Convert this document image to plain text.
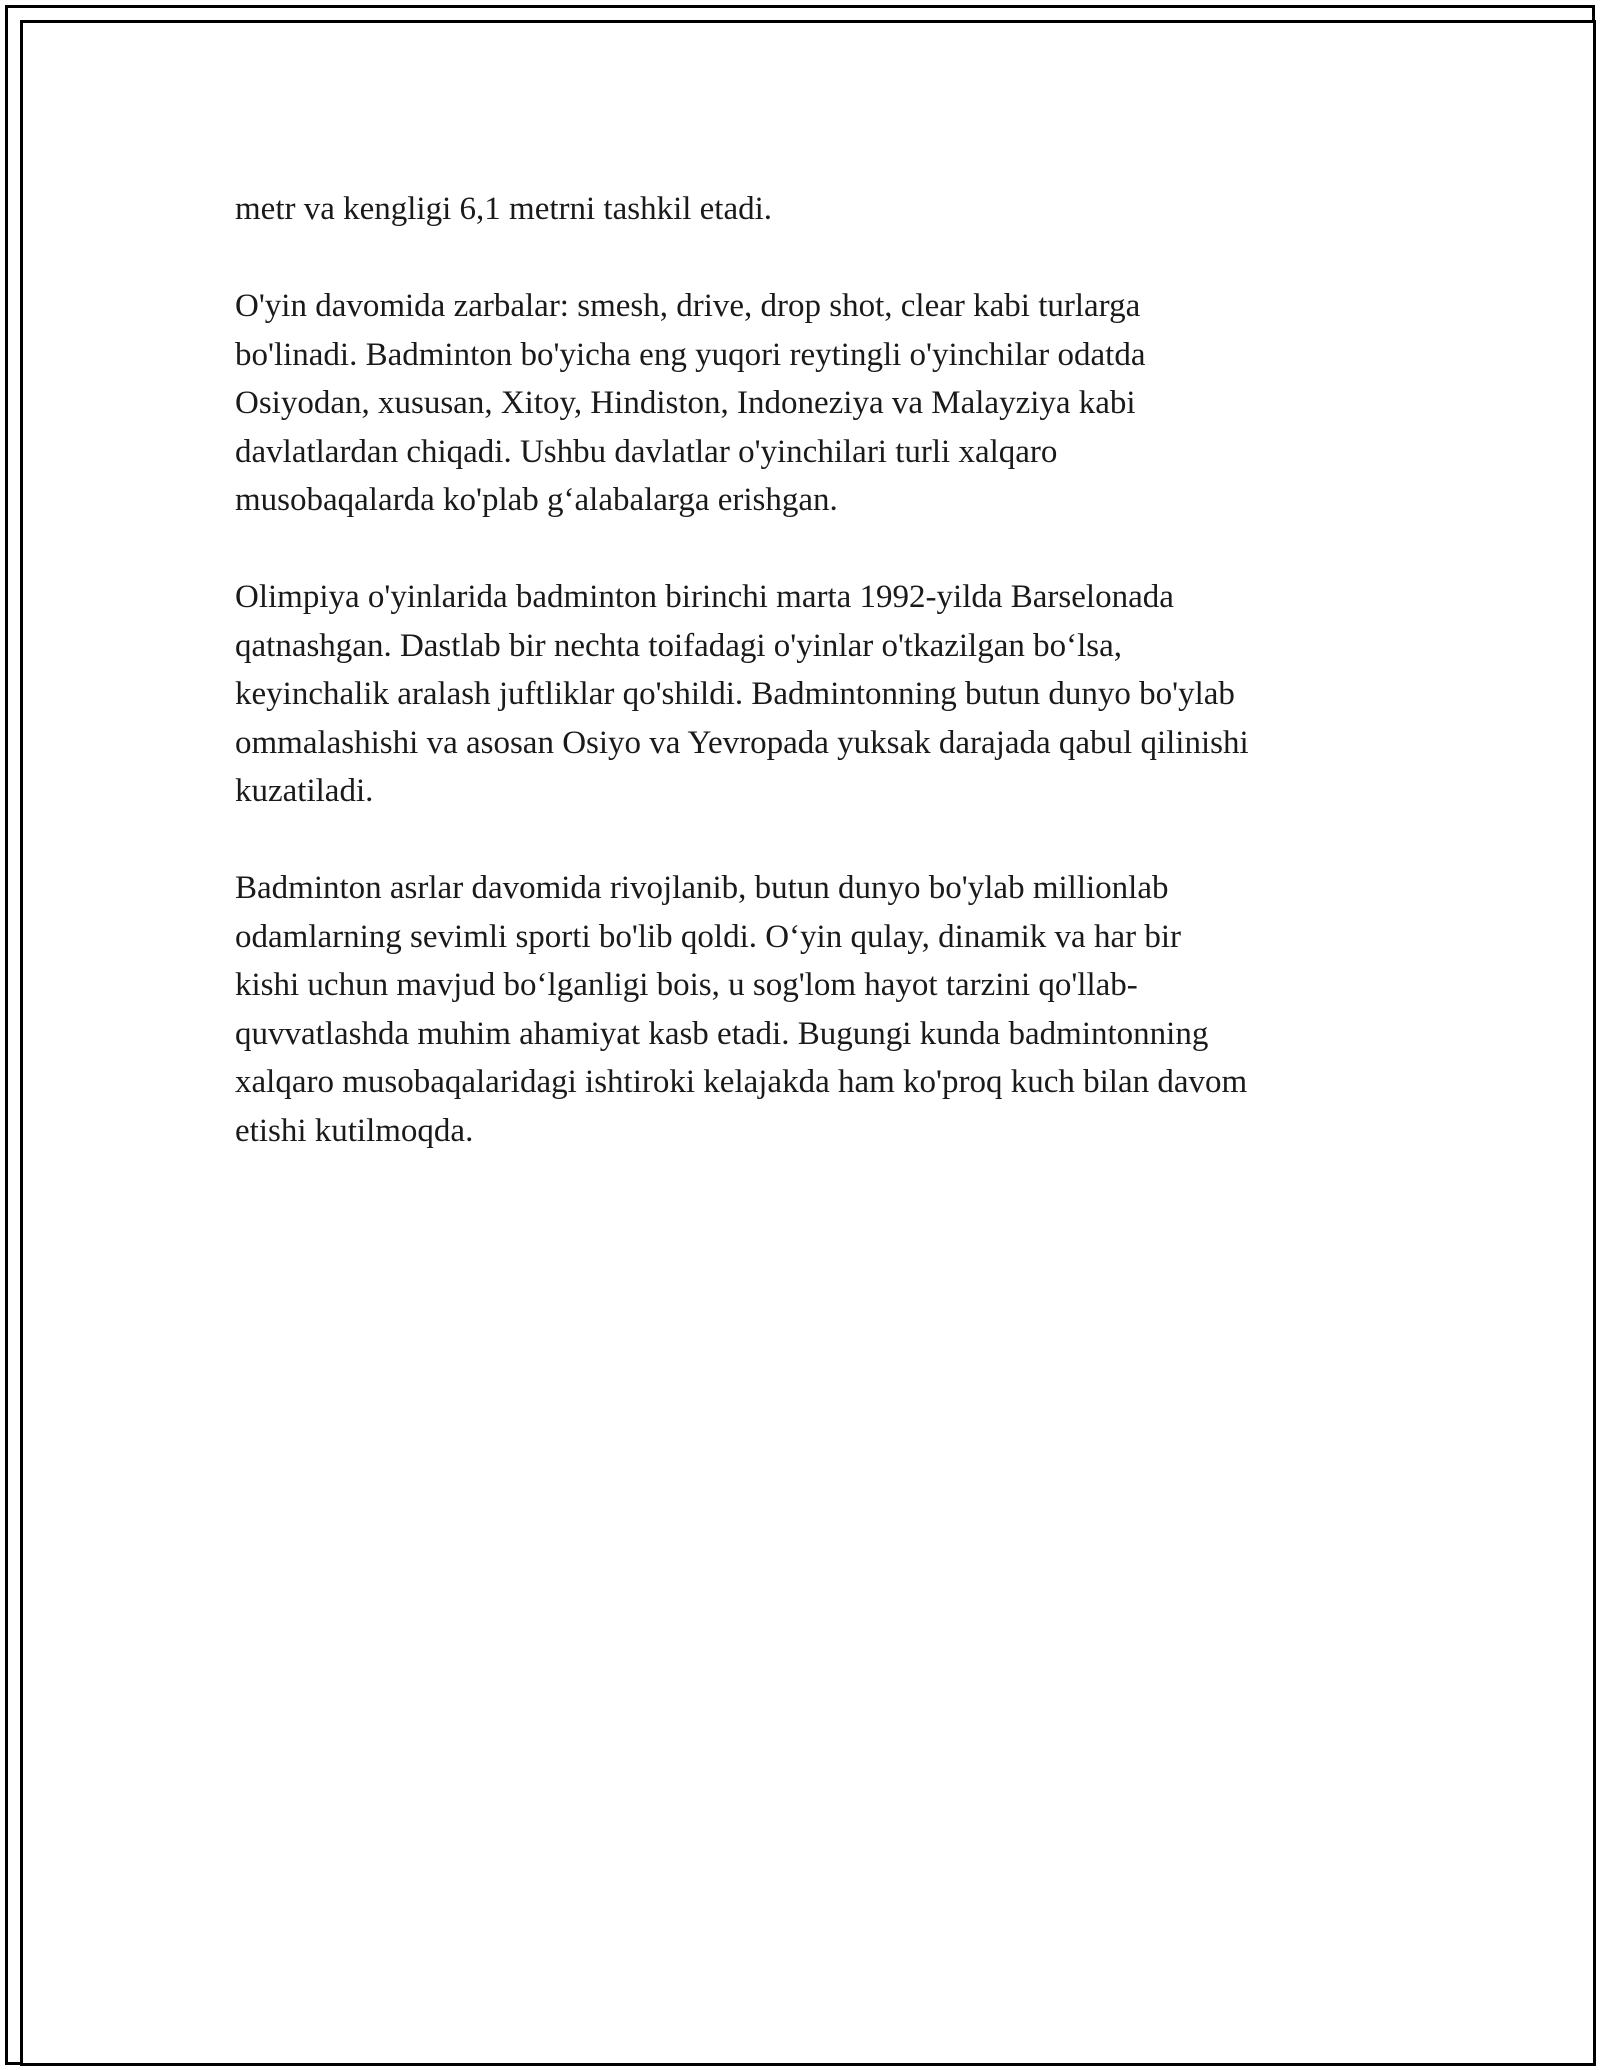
metr va kengligi 6,1 metrni tashkil etadi.

O'yin davomida zarbalar: smesh, drive, drop shot, clear kabi turlarga
bo'linadi. Badminton bo'yicha eng yuqori reytingli o'yinchilar odatda
Osiyodan, xususan, Xitoy, Hindiston, Indoneziya va Malayziya kabi
davlatlardan chiqadi. Ushbu davlatlar o'yinchilari turli xalqaro
musobaqalarda ko'plab g‘alabalarga erishgan.

Olimpiya o'yinlarida badminton birinchi marta 1992-yilda Barselonada
qatnashgan. Dastlab bir nechta toifadagi o'yinlar o'tkazilgan bo‘lsa,
keyinchalik aralash juftliklar qo'shildi. Badmintonning butun dunyo bo'ylab
ommalashishi va asosan Osiyo va Yevropada yuksak darajada qabul qilinishi
kuzatiladi.

Badminton asrlar davomida rivojlanib, butun dunyo bo'ylab millionlab
odamlarning sevimli sporti bo'lib qoldi. O‘yin qulay, dinamik va har bir
kishi uchun mavjud bo‘lganligi bois, u sog'lom hayot tarzini qo'llab-
quvvatlashda muhim ahamiyat kasb etadi. Bugungi kunda badmintonning
xalqaro musobaqalaridagi ishtiroki kelajakda ham ko'proq kuch bilan davom
etishi kutilmoqda.
